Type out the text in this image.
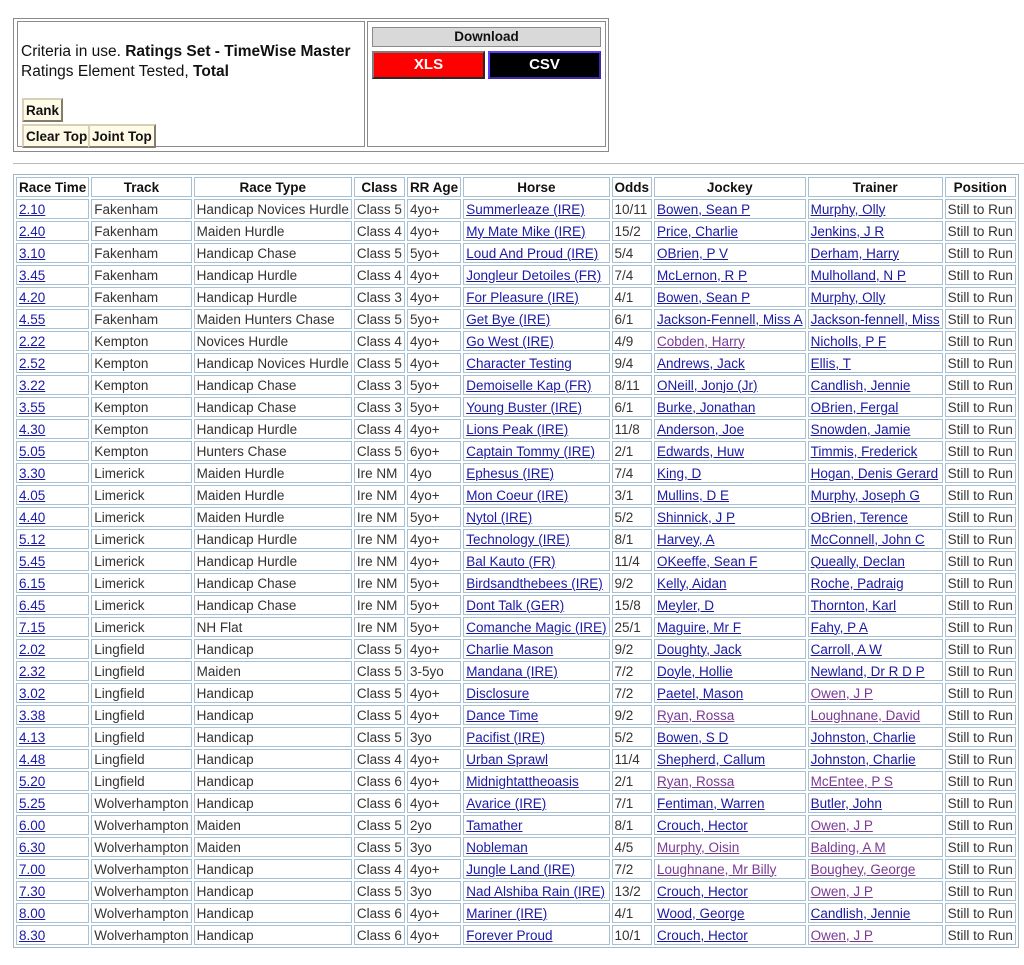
Criteria in use. Ratings Set - TimeWise Master
Ratings Element Tested, Total
Rank
Clear Top Joint Top
Download
XLS	CSV
Race Time	Track	Race Type	Class	RR Age	Horse	Odds	Jockey	Trainer	Position
2.10	Fakenham	Handicap Novices Hurdle	Class 5	4yo+	Summerleaze (IRE)	10/11	Bowen, Sean P	Murphy, Olly	Still to Run
2.40	Fakenham	Maiden Hurdle	Class 4	4yo+	My Mate Mike (IRE)	15/2	Price, Charlie	Jenkins, J R	Still to Run
3.10	Fakenham	Handicap Chase	Class 5	5yo+	Loud And Proud (IRE)	5/4	OBrien, P V	Derham, Harry	Still to Run
3.45	Fakenham	Handicap Hurdle	Class 4	4yo+	Jongleur Detoiles (FR)	7/4	McLernon, R P	Mulholland, N P	Still to Run
4.20	Fakenham	Handicap Hurdle	Class 3	4yo+	For Pleasure (IRE)	4/1	Bowen, Sean P	Murphy, Olly	Still to Run
4.55	Fakenham	Maiden Hunters Chase	Class 5	5yo+	Get Bye (IRE)	6/1	Jackson-Fennell, Miss A	Jackson-fennell, Miss	Still to Run
2.22	Kempton	Novices Hurdle	Class 4	4yo+	Go West (IRE)	4/9	Cobden, Harry	Nicholls, P F	Still to Run
2.52	Kempton	Handicap Novices Hurdle	Class 5	4yo+	Character Testing	9/4	Andrews, Jack	Ellis, T	Still to Run
3.22	Kempton	Handicap Chase	Class 3	5yo+	Demoiselle Kap (FR)	8/11	ONeill, Jonjo (Jr)	Candlish, Jennie	Still to Run
3.55	Kempton	Handicap Chase	Class 3	5yo+	Young Buster (IRE)	6/1	Burke, Jonathan	OBrien, Fergal	Still to Run
4.30	Kempton	Handicap Hurdle	Class 4	4yo+	Lions Peak (IRE)	11/8	Anderson, Joe	Snowden, Jamie	Still to Run
5.05	Kempton	Hunters Chase	Class 5	6yo+	Captain Tommy (IRE)	2/1	Edwards, Huw	Timmis, Frederick	Still to Run
3.30	Limerick	Maiden Hurdle	Ire NM	4yo	Ephesus (IRE)	7/4	King, D	Hogan, Denis Gerard	Still to Run
4.05	Limerick	Maiden Hurdle	Ire NM	4yo+	Mon Coeur (IRE)	3/1	Mullins, D E	Murphy, Joseph G	Still to Run
4.40	Limerick	Maiden Hurdle	Ire NM	5yo+	Nytol (IRE)	5/2	Shinnick, J P	OBrien, Terence	Still to Run
5.12	Limerick	Handicap Hurdle	Ire NM	4yo+	Technology (IRE)	8/1	Harvey, A	McConnell, John C	Still to Run
5.45	Limerick	Handicap Hurdle	Ire NM	4yo+	Bal Kauto (FR)	11/4	OKeeffe, Sean F	Queally, Declan	Still to Run
6.15	Limerick	Handicap Chase	Ire NM	5yo+	Birdsandthebees (IRE)	9/2	Kelly, Aidan	Roche, Padraig	Still to Run
6.45	Limerick	Handicap Chase	Ire NM	5yo+	Dont Talk (GER)	15/8	Meyler, D	Thornton, Karl	Still to Run
7.15	Limerick	NH Flat	Ire NM	5yo+	Comanche Magic (IRE)	25/1	Maguire, Mr F	Fahy, P A	Still to Run
2.02	Lingfield	Handicap	Class 5	4yo+	Charlie Mason	9/2	Doughty, Jack	Carroll, A W	Still to Run
2.32	Lingfield	Maiden	Class 5	3-5yo	Mandana (IRE)	7/2	Doyle, Hollie	Newland, Dr R D P	Still to Run
3.02	Lingfield	Handicap	Class 5	4yo+	Disclosure	7/2	Paetel, Mason	Owen, J P	Still to Run
3.38	Lingfield	Handicap	Class 5	4yo+	Dance Time	9/2	Ryan, Rossa	Loughnane, David	Still to Run
4.13	Lingfield	Handicap	Class 5	3yo	Pacifist (IRE)	5/2	Bowen, S D	Johnston, Charlie	Still to Run
4.48	Lingfield	Handicap	Class 4	4yo+	Urban Sprawl	11/4	Shepherd, Callum	Johnston, Charlie	Still to Run
5.20	Lingfield	Handicap	Class 6	4yo+	Midnightattheoasis	2/1	Ryan, Rossa	McEntee, P S	Still to Run
5.25	Wolverhampton	Handicap	Class 6	4yo+	Avarice (IRE)	7/1	Fentiman, Warren	Butler, John	Still to Run
6.00	Wolverhampton	Maiden	Class 5	2yo	Tamather	8/1	Crouch, Hector	Owen, J P	Still to Run
6.30	Wolverhampton	Maiden	Class 5	3yo	Nobleman	4/5	Murphy, Oisin	Balding, A M	Still to Run
7.00	Wolverhampton	Handicap	Class 4	4yo+	Jungle Land (IRE)	7/2	Loughnane, Mr Billy	Boughey, George	Still to Run
7.30	Wolverhampton	Handicap	Class 5	3yo	Nad Alshiba Rain (IRE)	13/2	Crouch, Hector	Owen, J P	Still to Run
8.00	Wolverhampton	Handicap	Class 6	4yo+	Mariner (IRE)	4/1	Wood, George	Candlish, Jennie	Still to Run
8.30	Wolverhampton	Handicap	Class 6	4yo+	Forever Proud	10/1	Crouch, Hector	Owen, J P	Still to Run
